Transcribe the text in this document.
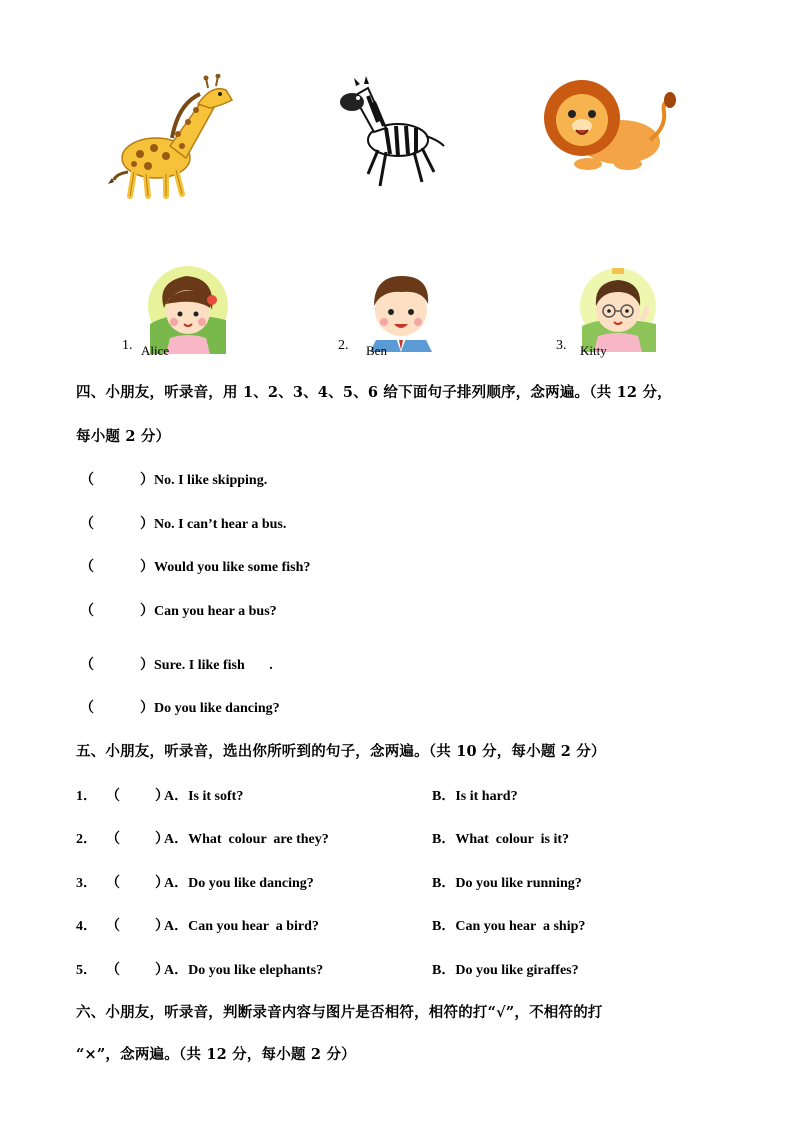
1. Alice	2. Ben	3. Kitty
四、小朋友，听录音，用 1、2、3、4、5、6 给下面句子排列顺序，念两遍。（共 12 分，
每小题 2 分）
（	）No. I like skipping.
（	）No. I can’t hear a bus.
（	）Would you like some fish?
（	）Can you hear a bus?
（	）Sure. I like fish       .
（	）Do you like dancing?
五、小朋友，听录音，选出你所听到的句子，念两遍。（共 10 分，每小题 2 分）
1． （          ）A．Is it soft?	B．Is it hard?
2． （          ）A．What  colour  are they?	B．What  colour  is it?
3． （          ）A．Do you like dancing?	B．Do you like running?
4． （          ）A．Can you hear  a bird?	B．Can you hear  a ship?
5． （          ）A．Do you like elephants?	B．Do you like giraffes?
六、小朋友，听录音，判断录音内容与图片是否相符，相符的打“√”，不相符的打
“×”，念两遍。（共 12 分，每小题 2 分）
